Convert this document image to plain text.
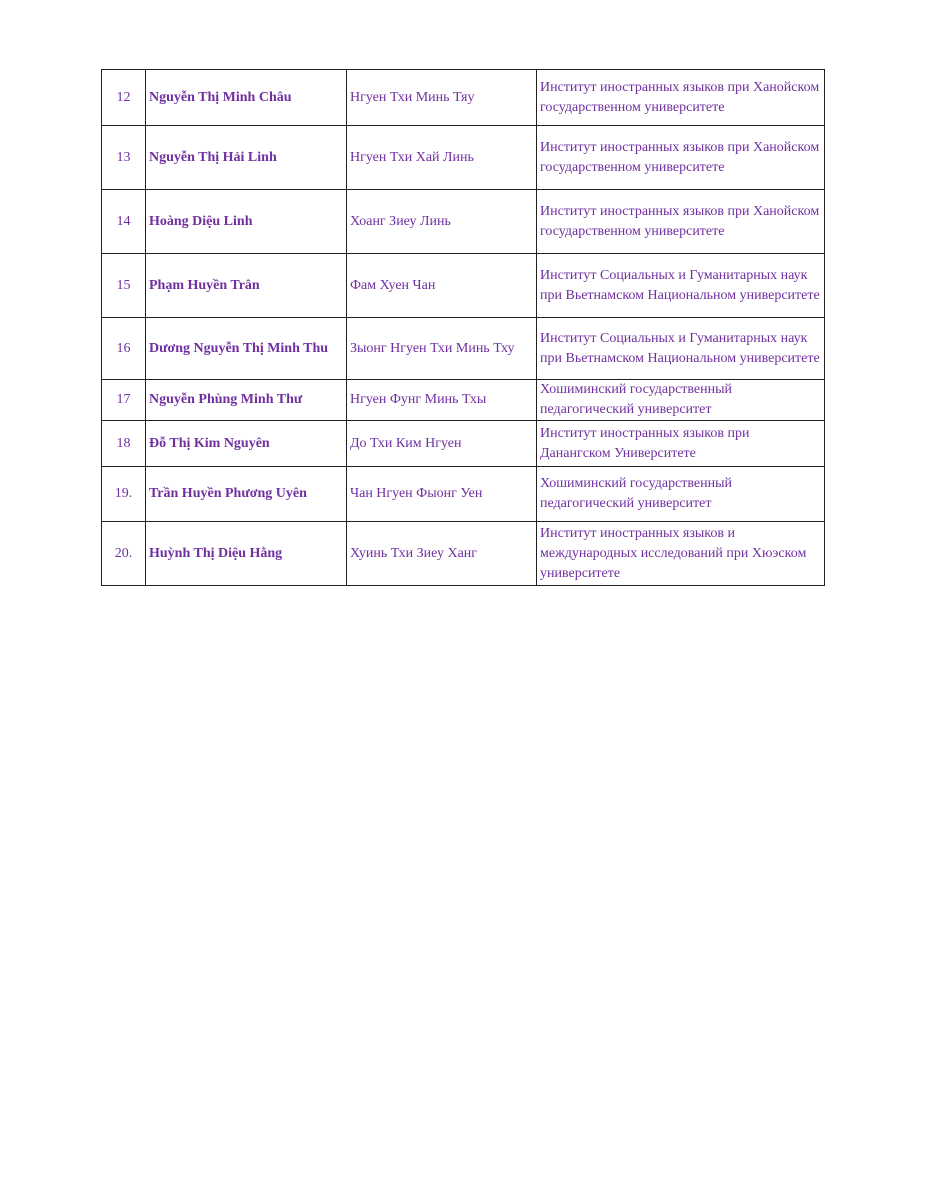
12	Nguyễn Thị Minh Châu	Нгуен Тхи Минь Тяу	Институт иностранных языков при Ханойском государственном университете
13	Nguyễn Thị Hải Linh	Нгуен Тхи Хай Линь	Институт иностранных языков при Ханойском государственном университете
14	Hoàng Diệu Linh	Хоанг Зиеу Линь	Институт иностранных языков при Ханойском государственном университете
15	Phạm Huyền Trân	Фам Хуен Чан	Институт Социальных и Гуманитарных наук при Вьетнамском Национальном университете
16	Dương Nguyễn Thị Minh Thu	Зыонг Нгуен Тхи Минь Тху	Институт Социальных и Гуманитарных наук при Вьетнамском Национальном университете
17	Nguyễn Phùng Minh Thư	Нгуен Фунг Минь Тхы	Хошиминский государственный педагогический университет
18	Đỗ Thị Kim Nguyên	До Тхи Ким Нгуен	Институт иностранных языков при Данангском Университете
19.	Trần Huyền Phương Uyên	Чан Нгуен Фыонг Уен	Хошиминский государственный педагогический университет
20.	Huỳnh Thị Diệu Hằng	Хуинь Тхи Зиеу Ханг	Институт иностранных языков и международных исследований при Хюэском университете
